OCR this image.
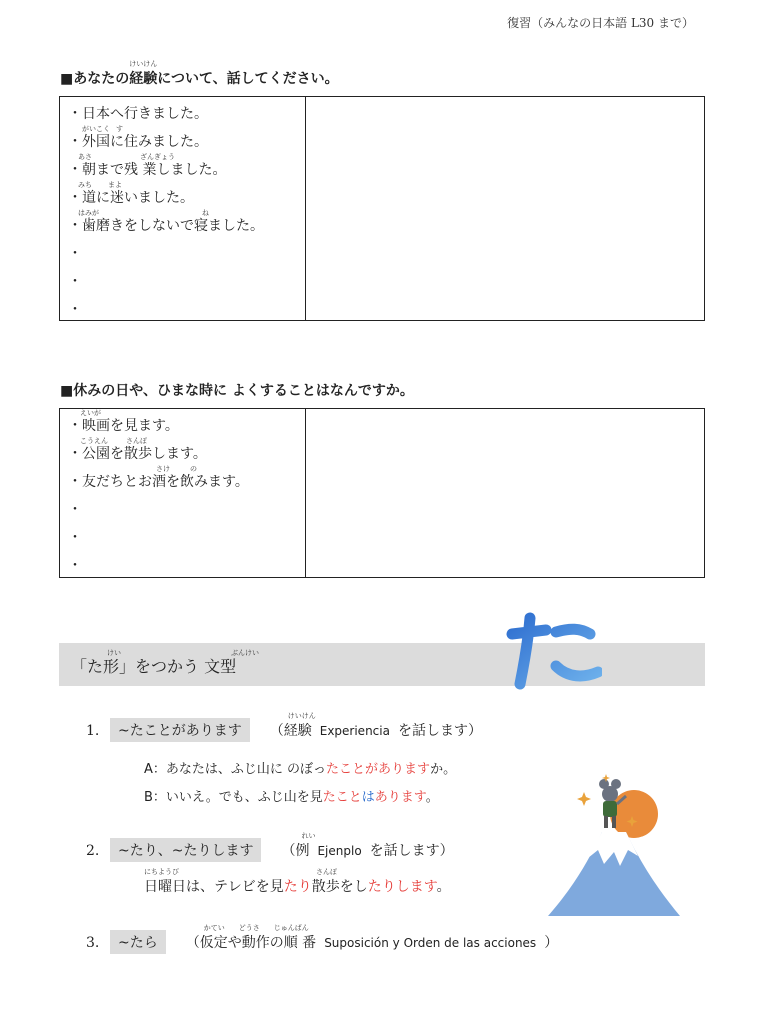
復習（みんなの日本語 L30 まで）
■あなたの
けいけん
経験について、話してください。
・日本へ行きました。
がいこく す
・外国に住みました。
あさ	ざんぎょう
・朝まで残 業しました。
みち まよ
・道に迷いました。
はみが	ね
・歯磨きをしないで寝ました。
・
・
・
■休みの日や、ひまな時に よくすることはなんですか。
えいが
・映画を見ます。
こうえん	さんぽ
・公園を散歩します。
さけ	の
・友だちとお酒を飲みます。
・
・
・
けい	ぶんけい
「た形」をつかう 文型
た
1. ~たことがあります
けいけん
（経験 Experiencia を話します）
A：あなたは、ふじ山に のぼったことがありますか。
B：いいえ。でも、ふじ山を見たことはあります。
2. ~たり、~たりします
れい
（例 Ejenplo を話します）
にちようび	さんぽ
日曜日は、テレビを見たり散歩をしたりします。
3. ~たら
かてい　　どうさ　　じゅんばん
（仮定や動作の順 番 Suposición y Orden de las acciones ）
